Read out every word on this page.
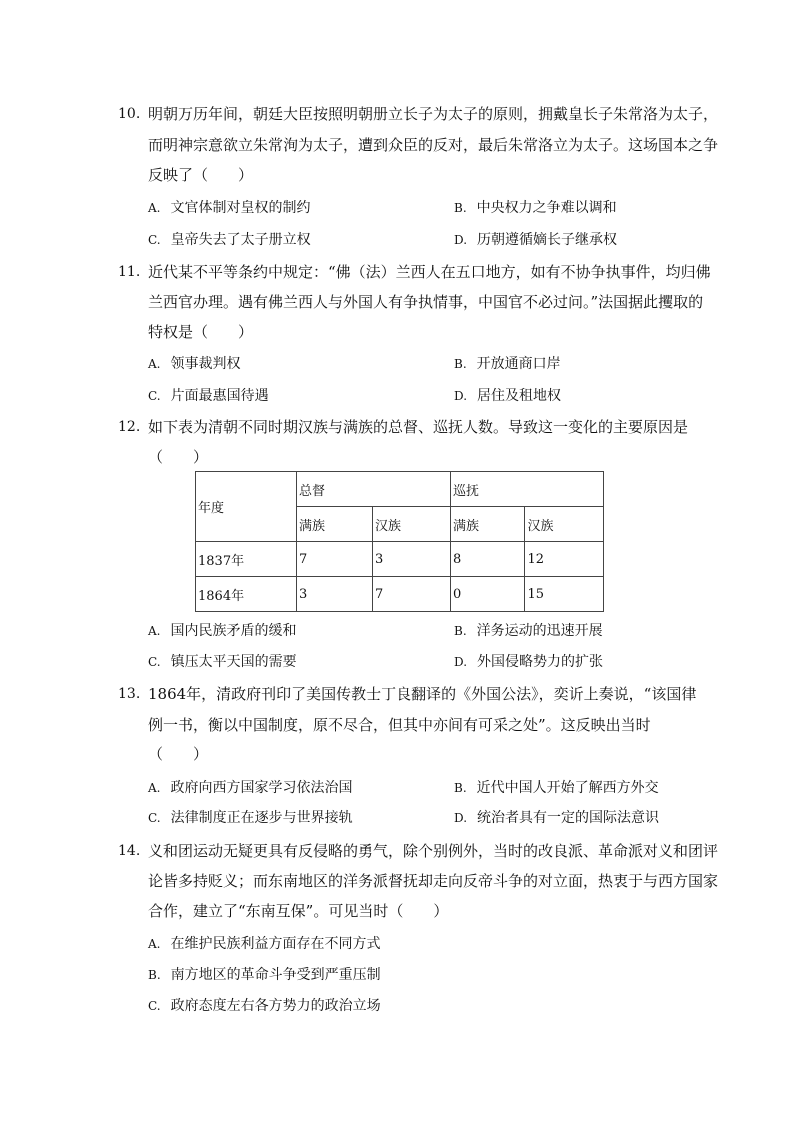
10. 明朝万历年间，朝廷大臣按照明朝册立长子为太子的原则，拥戴皇长子朱常洛为太子，
而明神宗意欲立朱常洵为太子，遭到众臣的反对，最后朱常洛立为太子。这场国本之争
反映了（　　）
A. 文官体制对皇权的制约	B. 中央权力之争难以调和
C. 皇帝失去了太子册立权	D. 历朝遵循嫡长子继承权
11. 近代某不平等条约中规定：“佛（法）兰西人在五口地方，如有不协争执事件，均归佛
兰西官办理。遇有佛兰西人与外国人有争执情事，中国官不必过问。”法国据此攫取的
特权是（　　）
A. 领事裁判权	B. 开放通商口岸
C. 片面最惠国待遇	D. 居住及租地权
12. 如下表为清朝不同时期汉族与满族的总督、巡抚人数。导致这一变化的主要原因是
（　　）
年度	总督		巡抚	
	满族	汉族	满族	汉族
1837年	7	3	8	12
1864年	3	7	0	15
A. 国内民族矛盾的缓和	B. 洋务运动的迅速开展
C. 镇压太平天国的需要	D. 外国侵略势力的扩张
13. 1864年，清政府刊印了美国传教士丁良翻译的《外国公法》，奕䜣上奏说，“该国律
例一书，衡以中国制度，原不尽合，但其中亦间有可采之处”。这反映出当时
（　　）
A. 政府向西方国家学习依法治国	B. 近代中国人开始了解西方外交
C. 法律制度正在逐步与世界接轨	D. 统治者具有一定的国际法意识
14. 义和团运动无疑更具有反侵略的勇气，除个别例外，当时的改良派、革命派对义和团评
论皆多持贬义；而东南地区的洋务派督抚却走向反帝斗争的对立面，热衷于与西方国家
合作，建立了“东南互保”。可见当时（　　）
A. 在维护民族利益方面存在不同方式
B. 南方地区的革命斗争受到严重压制
C. 政府态度左右各方势力的政治立场
